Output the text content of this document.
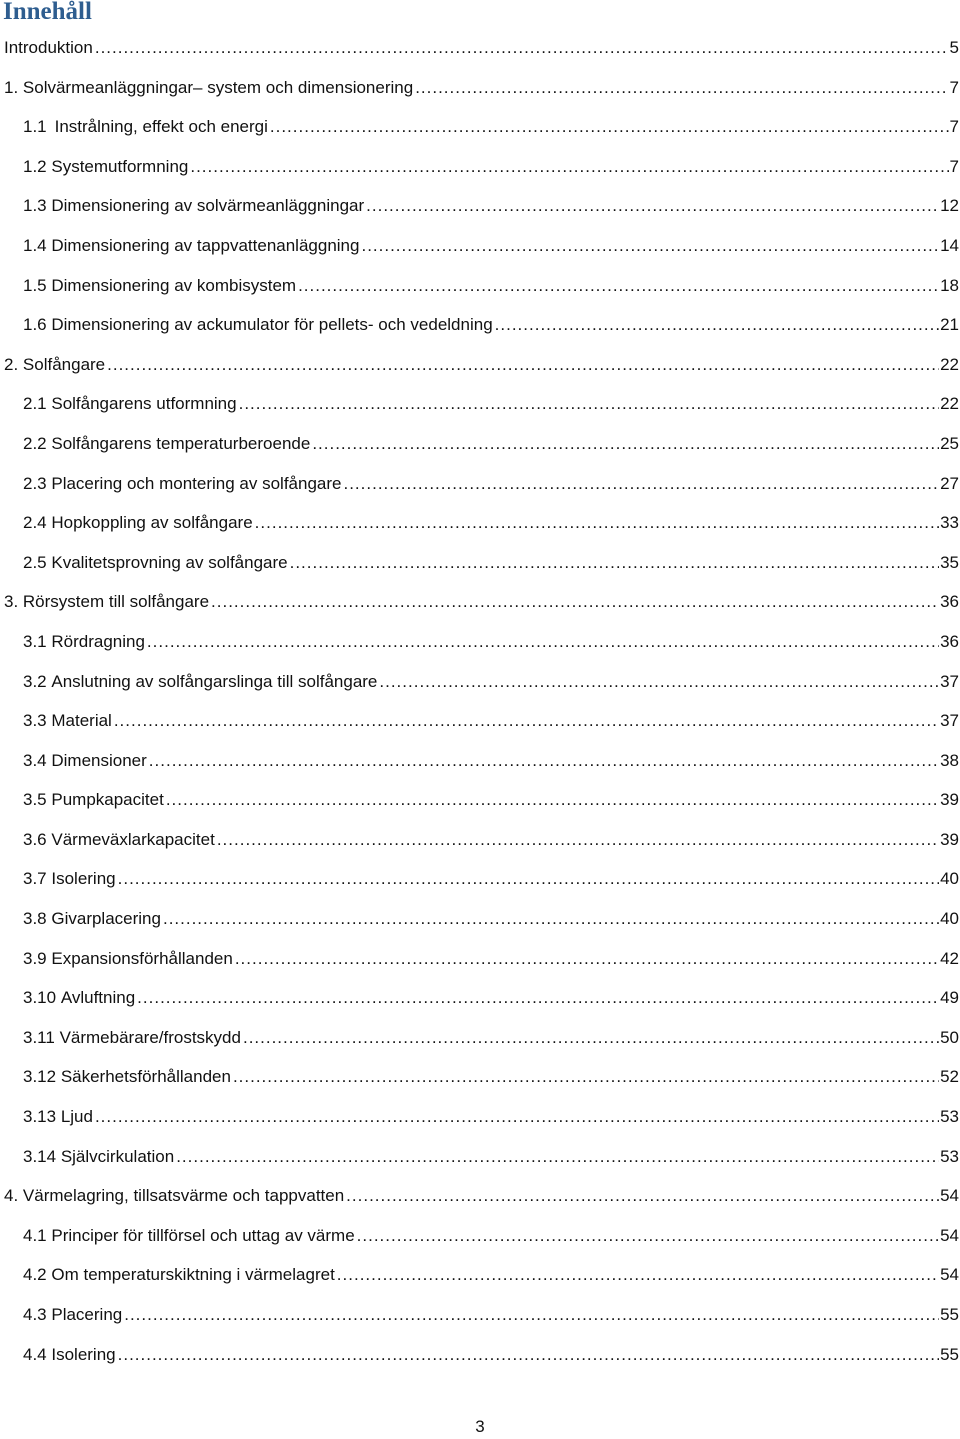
Innehåll
Introduktion .....	5
1. Solvärmeanläggningar– system och dimensionering .....	7
1.1 Instrålning, effekt och energi .....	7
1.2 Systemutformning .....	7
1.3 Dimensionering av solvärmeanläggningar .....	12
1.4 Dimensionering av tappvattenanläggning .....	14
1.5 Dimensionering av kombisystem .....	18
1.6 Dimensionering av ackumulator för pellets- och vedeldning .....	21
2. Solfångare .....	22
2.1 Solfångarens utformning .....	22
2.2 Solfångarens temperaturberoende .....	25
2.3 Placering och montering av solfångare .....	27
2.4 Hopkoppling av solfångare .....	33
2.5 Kvalitetsprovning av solfångare .....	35
3. Rörsystem till solfångare .....	36
3.1 Rördragning .....	36
3.2 Anslutning av solfångarslinga till solfångare .....	37
3.3 Material .....	37
3.4 Dimensioner .....	38
3.5 Pumpkapacitet .....	39
3.6 Värmeväxlarkapacitet .....	39
3.7 Isolering .....	40
3.8 Givarplacering .....	40
3.9 Expansionsförhållanden .....	42
3.10 Avluftning .....	49
3.11 Värmebärare/frostskydd .....	50
3.12 Säkerhetsförhållanden .....	52
3.13 Ljud .....	53
3.14 Självcirkulation .....	53
4. Värmelagring, tillsatsvärme och tappvatten .....	54
4.1 Principer för tillförsel och uttag av värme .....	54
4.2 Om temperaturskiktning i värmelagret .....	54
4.3 Placering .....	55
4.4 Isolering .....	55
3
